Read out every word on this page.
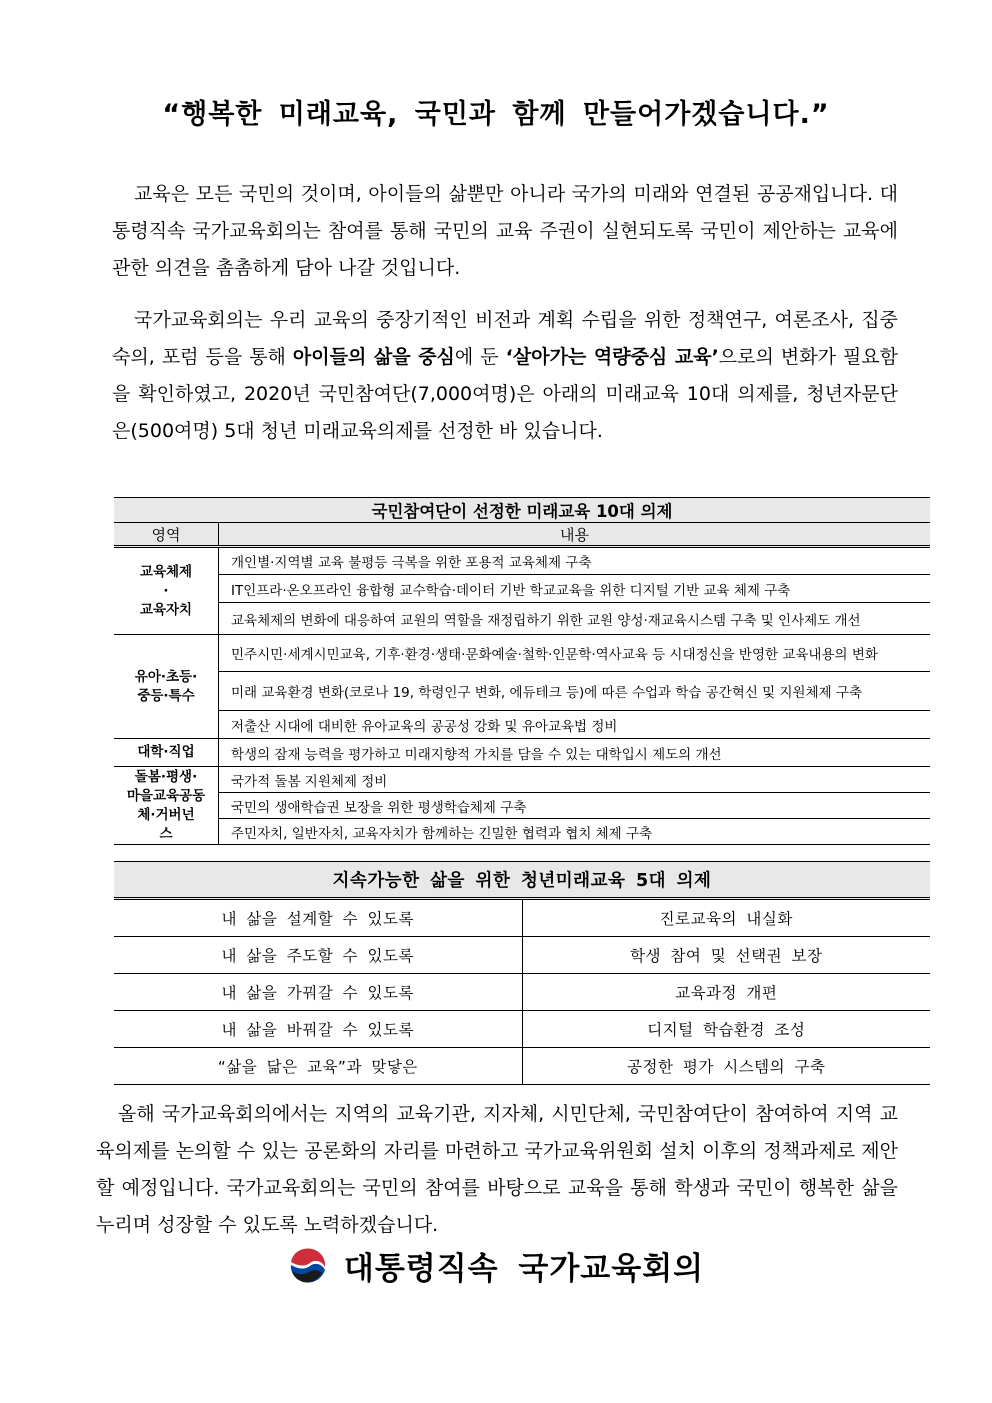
“행복한 미래교육, 국민과 함께 만들어가겠습니다.”

교육은 모든 국민의 것이며, 아이들의 삶뿐만 아니라 국가의 미래와 연결된 공공재입니다. 대통령직속 국가교육회의는 참여를 통해 국민의 교육 주권이 실현되도록 국민이 제안하는 교육에 관한 의견을 촘촘하게 담아 나갈 것입니다.

국가교육회의는 우리 교육의 중장기적인 비전과 계획 수립을 위한 정책연구, 여론조사, 집중 숙의, 포럼 등을 통해 아이들의 삶을 중심에 둔 ‘살아가는 역량중심 교육’으로의 변화가 필요함을 확인하였고, 2020년 국민참여단(7,000여명)은 아래의 미래교육 10대 의제를, 청년자문단은(500여명) 5대 청년 미래교육의제를 선정한 바 있습니다.

국민참여단이 선정한 미래교육 10대 의제	
영역	내용
교육체제
·
교육자치	개인별·지역별 교육 불평등 극복을 위한 포용적 교육체제 구축
	IT인프라·온오프라인 융합형 교수학습·데이터 기반 학교교육을 위한 디지털 기반 교육 체제 구축
	교육체제의 변화에 대응하여 교원의 역할을 재정립하기 위한 교원 양성·재교육시스템 구축 및 인사제도 개선
유아·초등·
중등·특수	민주시민·세계시민교육, 기후·환경·생태·문화예술·철학·인문학·역사교육 등 시대정신을 반영한 교육내용의 변화
	미래 교육환경 변화(코로나 19, 학령인구 변화, 에듀테크 등)에 따른 수업과 학습 공간혁신 및 지원체제 구축
	저출산 시대에 대비한 유아교육의 공공성 강화 및 유아교육법 정비
대학·직업	학생의 잠재 능력을 평가하고 미래지향적 가치를 담을 수 있는 대학입시 제도의 개선
돌봄·평생·
마을교육공동
체·거버넌
스	국가적 돌봄 지원체제 정비
	국민의 생애학습권 보장을 위한 평생학습체제 구축
	주민자치, 일반자치, 교육자치가 함께하는 긴밀한 협력과 협치 체제 구축
지속가능한 삶을 위한 청년미래교육 5대 의제	
내 삶을 설계할 수 있도록	진로교육의 내실화
내 삶을 주도할 수 있도록	학생 참여 및 선택권 보장
내 삶을 가꿔갈 수 있도록	교육과정 개편
내 삶을 바꿔갈 수 있도록	디지털 학습환경 조성
“삶을 닮은 교육”과 맞닿은	공정한 평가 시스템의 구축

올해 국가교육회의에서는 지역의 교육기관, 지자체, 시민단체, 국민참여단이 참여하여 지역 교육의제를 논의할 수 있는 공론화의 자리를 마련하고 국가교육위원회 설치 이후의 정책과제로 제안할 예정입니다. 국가교육회의는 국민의 참여를 바탕으로 교육을 통해 학생과 국민이 행복한 삶을 누리며 성장할 수 있도록 노력하겠습니다.

대통령직속 국가교육회의
